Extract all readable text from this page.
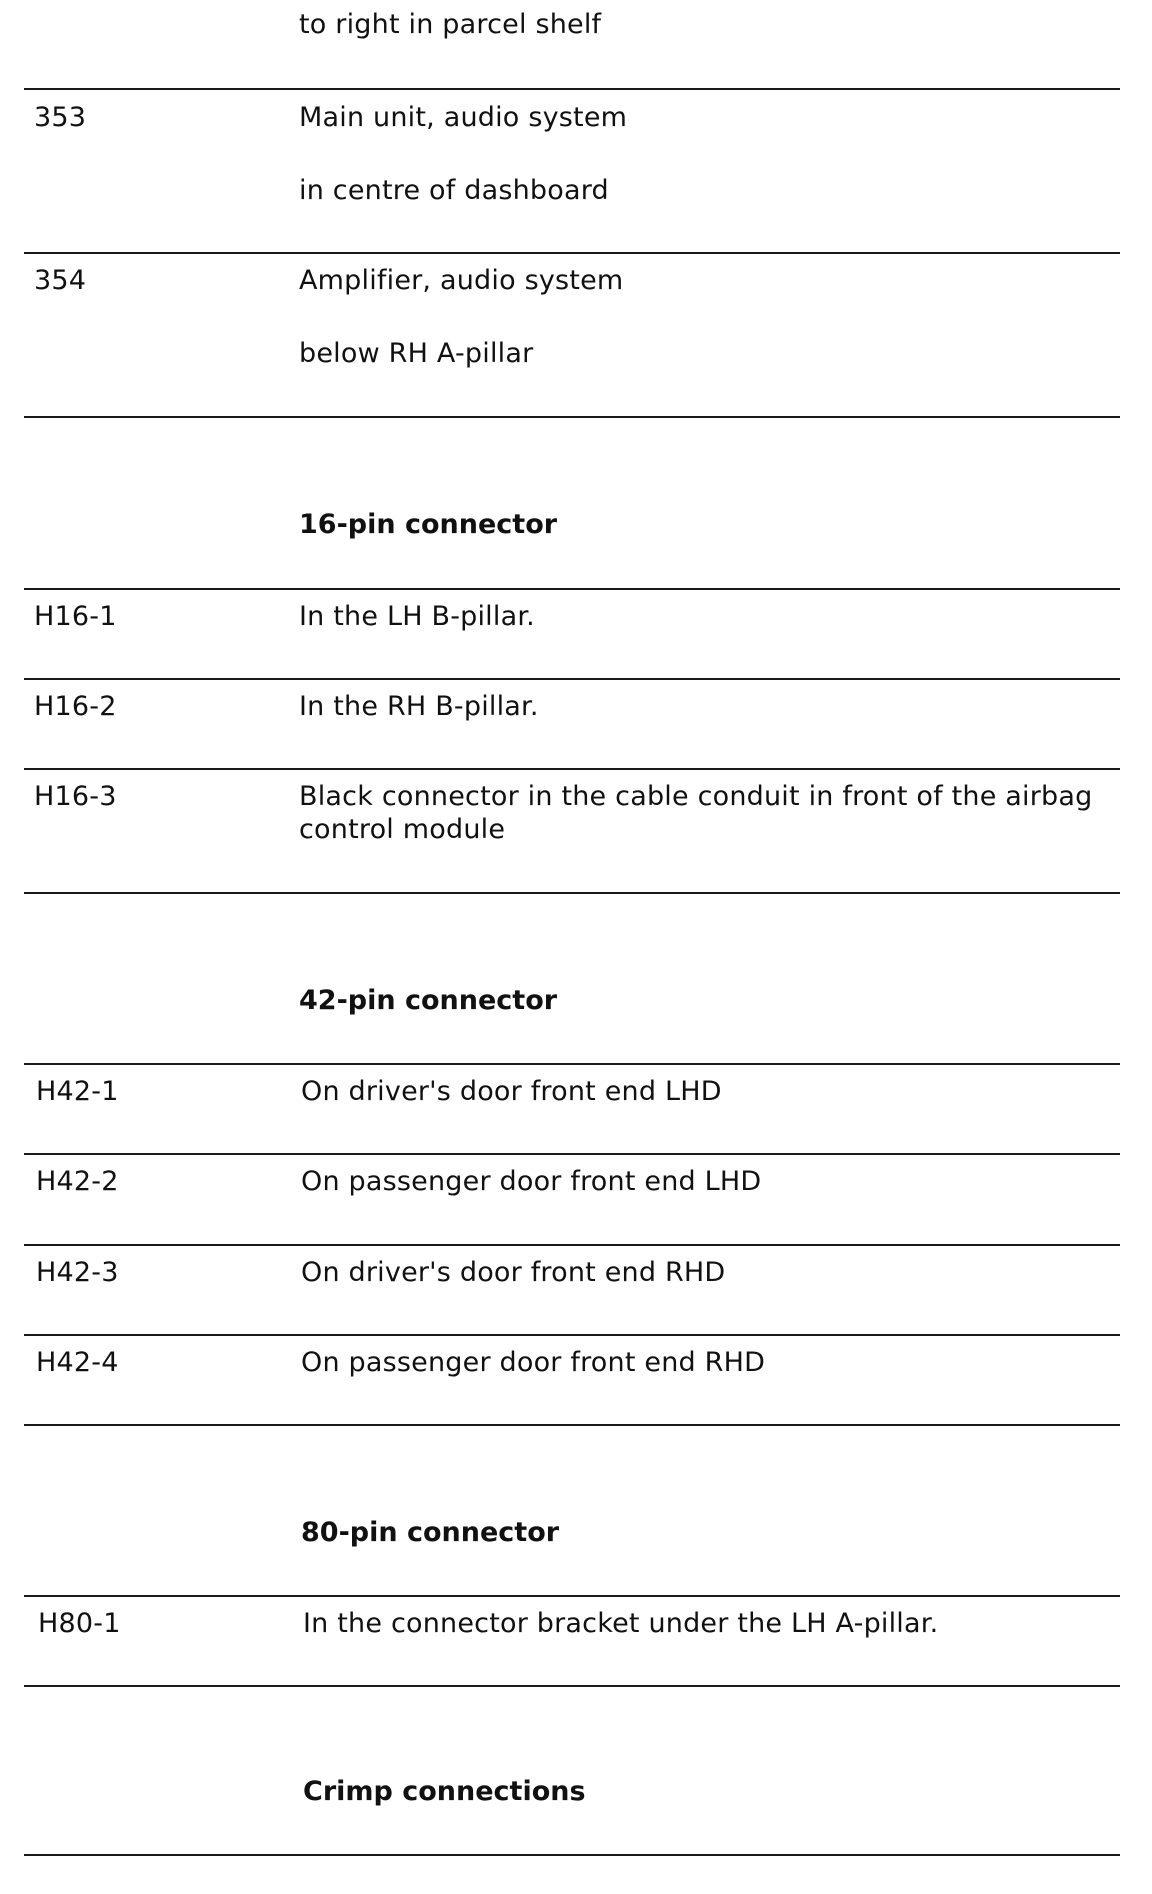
to right in parcel shelf
353	Main unit, audio system
in centre of dashboard
354	Amplifier, audio system
below RH A-pillar
16-pin connector
H16-1	In the LH B-pillar.
H16-2	In the RH B-pillar.
H16-3	Black connector in the cable conduit in front of the airbag control module
42-pin connector
H42-1	On driver's door front end LHD
H42-2	On passenger door front end LHD
H42-3	On driver's door front end RHD
H42-4	On passenger door front end RHD
80-pin connector
H80-1	In the connector bracket under the LH A-pillar.
Crimp connections
